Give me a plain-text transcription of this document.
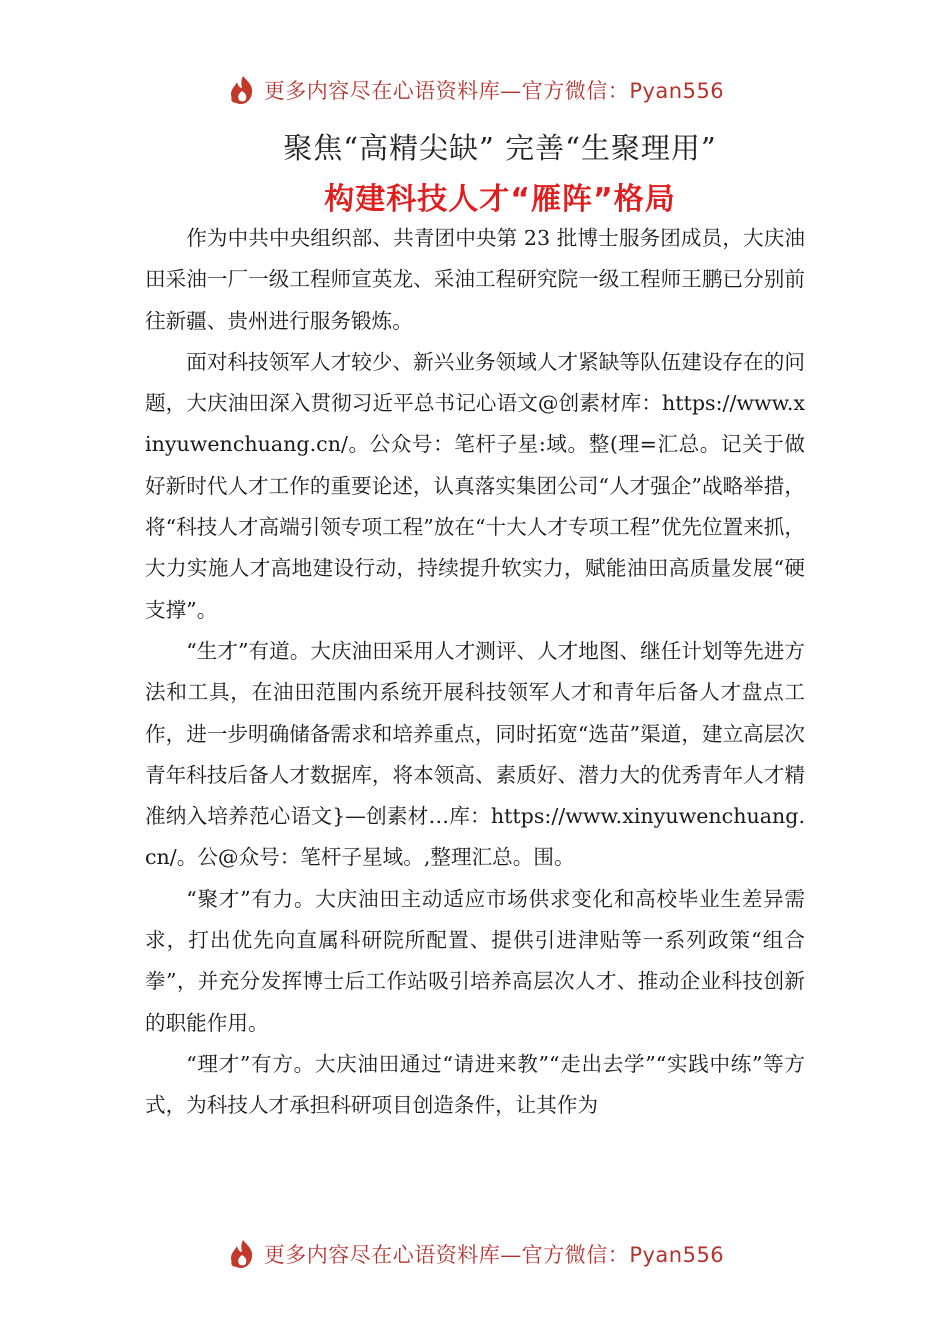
更多内容尽在心语资料库—官方微信：Pyan556
聚焦“高精尖缺” 完善“生聚理用”
构建科技人才“雁阵”格局

作为中共中央组织部、共青团中央第 23 批博士服务团成员，大庆油田采油一厂一级工程师宣英龙、采油工程研究院一级工程师王鹏已分别前往新疆、贵州进行服务锻炼。

面对科技领军人才较少、新兴业务领域人才紧缺等队伍建设存在的问题，大庆油田深入贯彻习近平总书记心语文@创素材库：https://www.xinyuwenchuang.cn/。公众号：笔杆子星:域。整(理=汇总。记关于做好新时代人才工作的重要论述，认真落实集团公司“人才强企”战略举措， 将“科技人才高端引领专项工程”放在“十大人才专项工程”优先位置来抓，大力实施人才高地建设行动，持续提升软实力，赋能油田高质量发展“硬支撑”。

“生才”有道。大庆油田采用人才测评、人才地图、继任计划等先进方法和工具，在油田范围内系统开展科技领军人才和青年后备人才盘点工作，进一步明确储备需求和培养重点，同时拓宽“选苗”渠道，建立高层次青年科技后备人才数据库，将本领高、素质好、潜力大的优秀青年人才精准纳入培养范心语文}—创素材…库：https://www.xinyuwenchuang.cn/。公@众号：笔杆子星域。,整理汇总。围。

“聚才”有力。大庆油田主动适应市场供求变化和高校毕业生差异需求，打出优先向直属科研院所配置、提供引进津贴等一系列政策“组合拳”，并充分发挥博士后工作站吸引培养高层次人才、推动企业科技创新的职能作用。

“理才”有方。大庆油田通过“请进来教”“走出去学”“实践中练”等方式，为科技人才承担科研项目创造条件，让其作为

更多内容尽在心语资料库—官方微信：Pyan556
